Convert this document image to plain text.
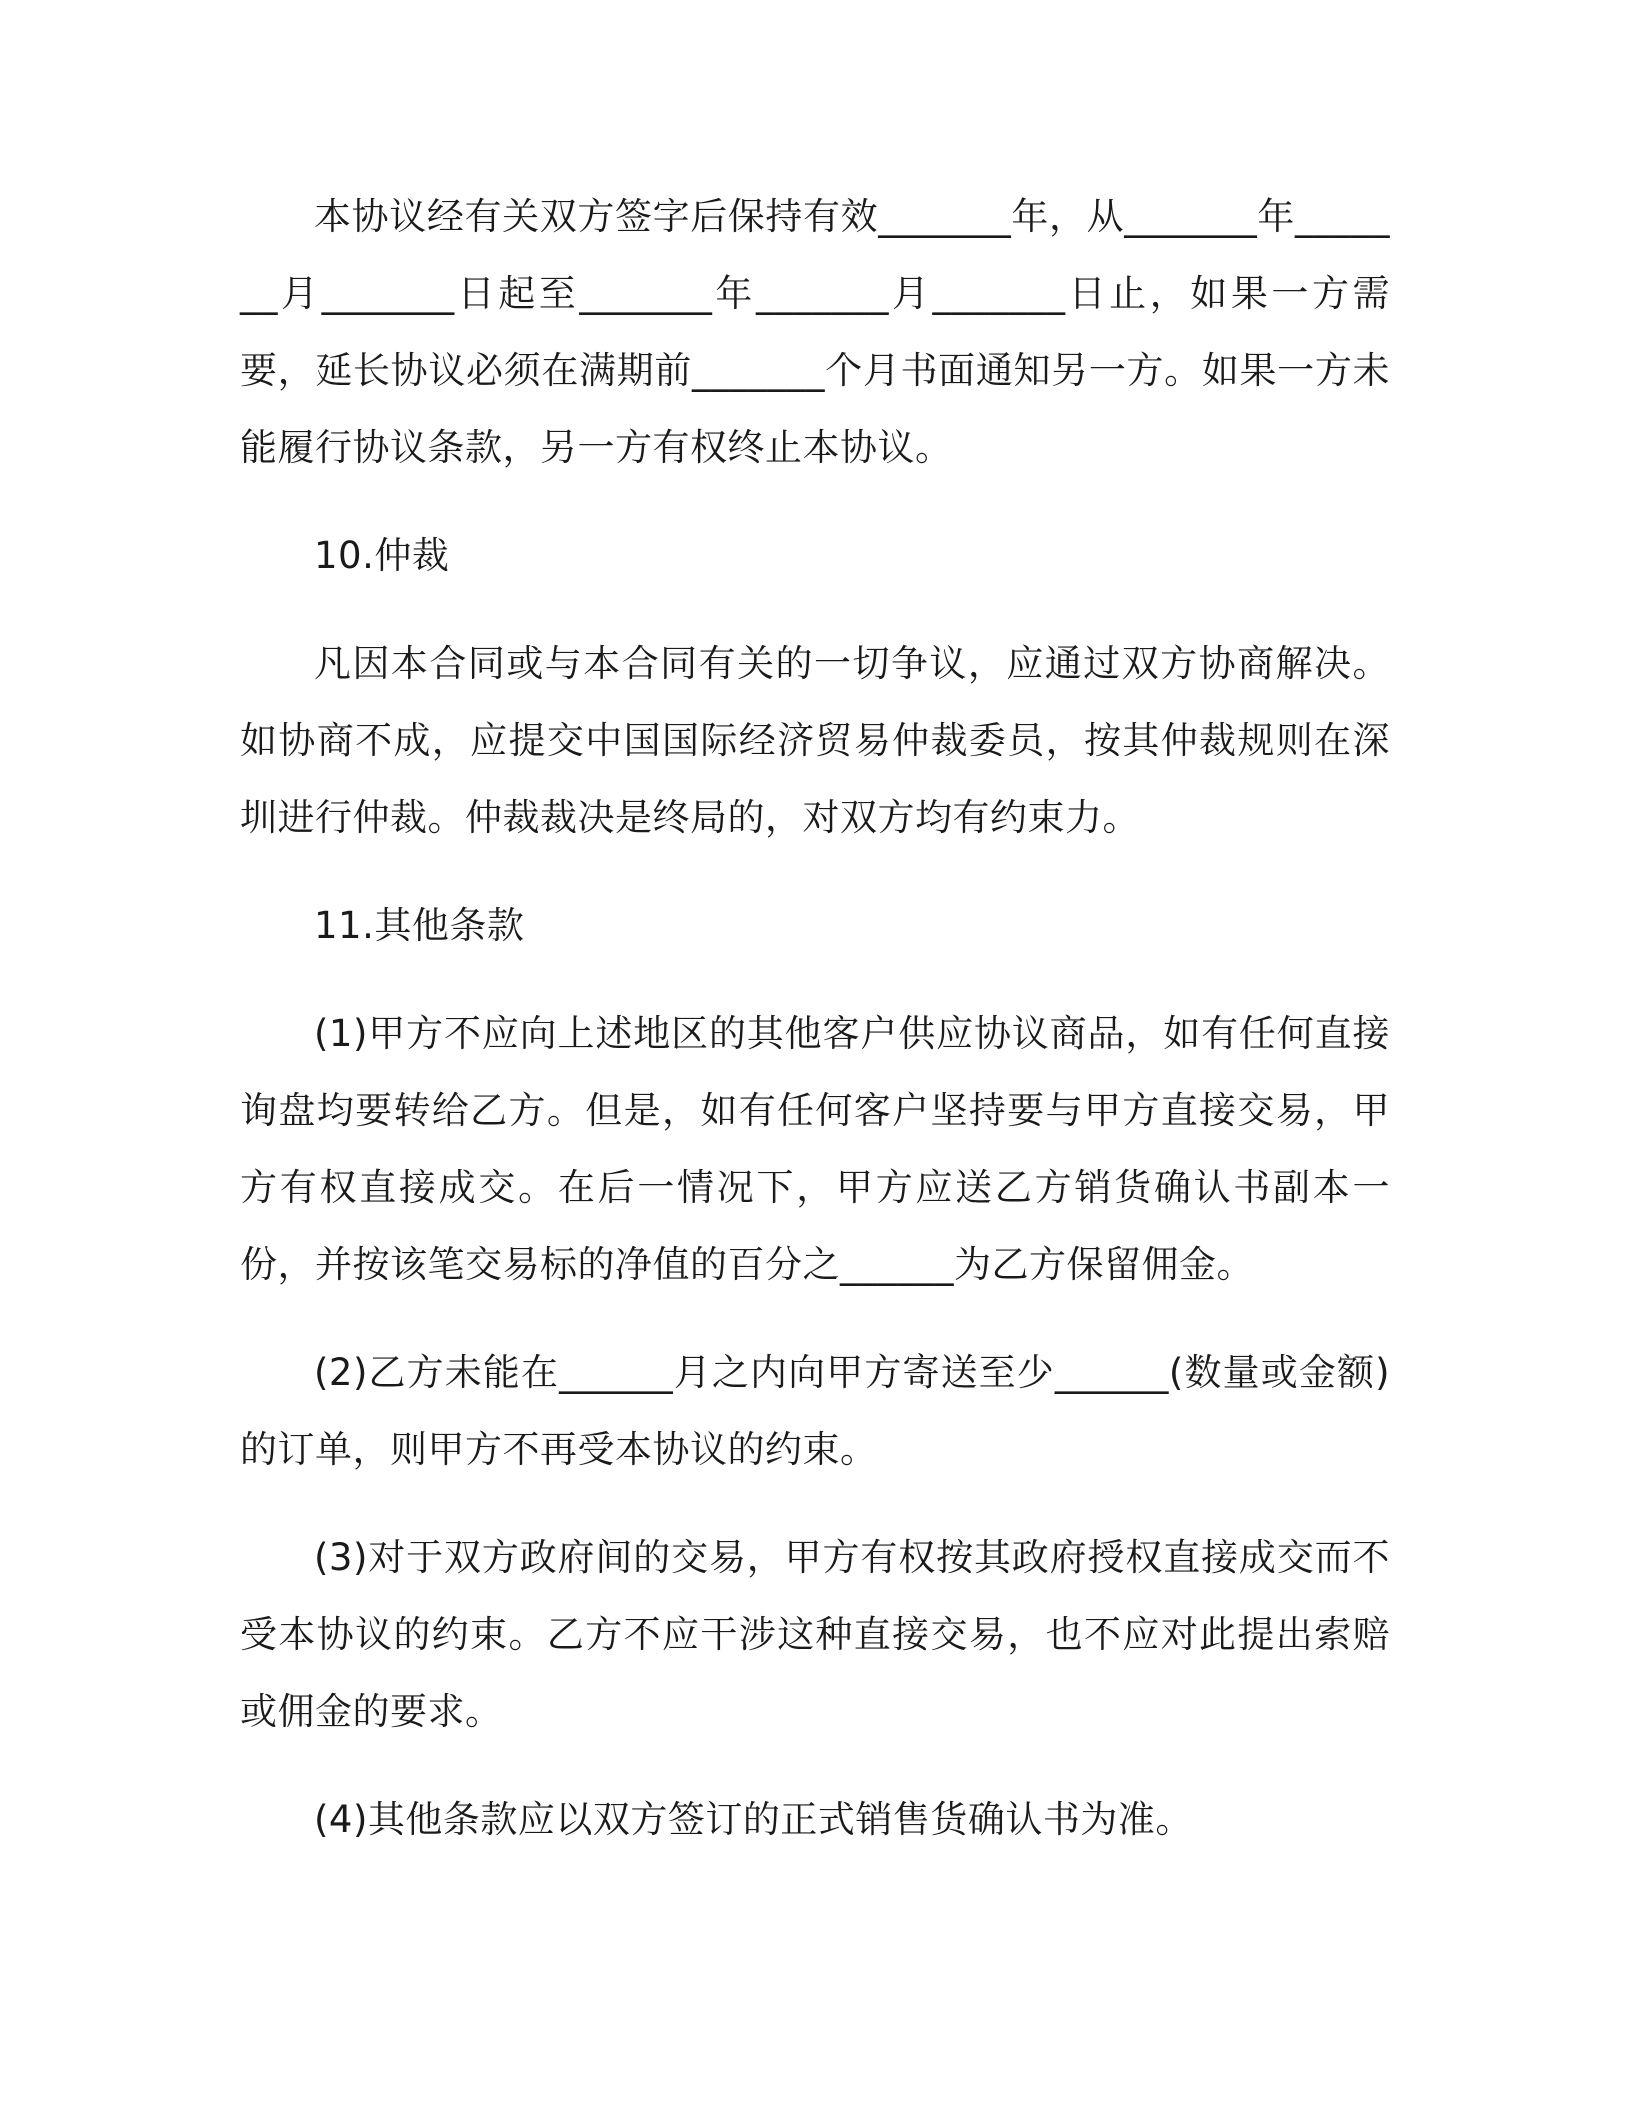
本协议经有关双方签字后保持有效_______年，从_______年_______月_______日起至_______年_______月_______日止，如果一方需要，延长协议必须在满期前_______个月书面通知另一方。如果一方未能履行协议条款，另一方有权终止本协议。

10.仲裁

凡因本合同或与本合同有关的一切争议，应通过双方协商解决。如协商不成，应提交中国国际经济贸易仲裁委员，按其仲裁规则在深圳进行仲裁。仲裁裁决是终局的，对双方均有约束力。

11.其他条款

(1)甲方不应向上述地区的其他客户供应协议商品，如有任何直接询盘均要转给乙方。但是，如有任何客户坚持要与甲方直接交易，甲方有权直接成交。在后一情况下，甲方应送乙方销货确认书副本一份，并按该笔交易标的净值的百分之______为乙方保留佣金。

(2)乙方未能在______月之内向甲方寄送至少______(数量或金额)的订单，则甲方不再受本协议的约束。

(3)对于双方政府间的交易，甲方有权按其政府授权直接成交而不受本协议的约束。乙方不应干涉这种直接交易，也不应对此提出索赔或佣金的要求。

(4)其他条款应以双方签订的正式销售货确认书为准。
